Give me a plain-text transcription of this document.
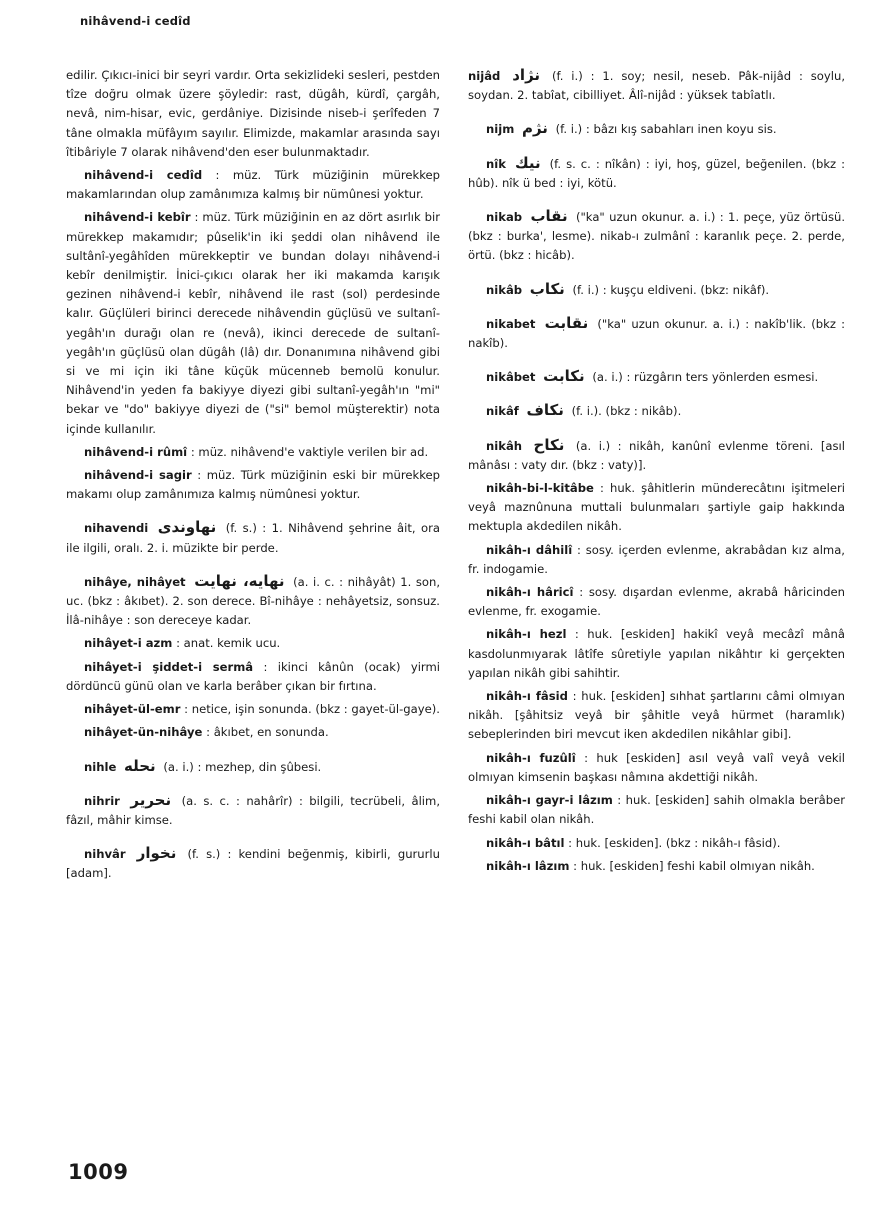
nihâvend-i cedîd

edilir. Çıkıcı-inici bir seyri vardır. Orta sekizlideki sesleri, pestden tîze doğru olmak üzere şöyledir: rast, dügâh, kürdî, çargâh, nevâ, nim-hisar, evic, gerdâniye. Dizisinde niseb-i şerîfeden 7 tâne olmakla müfâyım sayılır. Elimizde, makamlar arasında sayı îtibâriyle 7 olarak nihâvend'den eser bulunmaktadır.

nihâvend-i cedîd : müz. Türk müziğinin mürekkep makamlarından olup zamânımıza kalmış bir nümûnesi yoktur.

nihâvend-i kebîr : müz. Türk müziğinin en az dört asırlık bir mürekkep makamıdır; pûselik'in iki şeddi olan nihâvend ile sultânî-yegâhîden mürekkeptir ve bundan dolayı nihâvend-i kebîr denilmiştir. İnici-çıkıcı olarak her iki makamda karışık gezinen nihâvend-i kebîr, nihâvend ile rast (sol) perdesinde kalır. Güçlüleri birinci derecede nihâvendin güçlüsü ve sultanî-yegâh'ın durağı olan re (nevâ), ikinci derecede de sultanî-yegâh'ın güçlüsü olan dügâh (lâ) dır. Donanımına nihâvend gibi si ve mi için iki tâne küçük mücenneb bemolü konulur. Nihâvend'in yeden fa bakiyye diyezi gibi sultanî-yegâh'ın "mi" bekar ve "do" bakiyye diyezi de ("si" bemol müşterektir) nota içinde kullanılır.

nihâvend-i rûmî : müz. nihâvend'e vaktiyle verilen bir ad.

nihâvend-i sagir : müz. Türk müziğinin eski bir mürekkep makamı olup zamânımıza kalmış nümûnesi yoktur.

nihavendi نهاوندى (f. s.) : 1. Nihâvend şehrine âit, ora ile ilgili, oralı. 2. i. müzikte bir perde.

nihâye, nihâyet نهايه، نهايت (a. i. c. : nihâyât) 1. son, uc. (bkz : âkıbet). 2. son derece. Bî-nihâye : nehâyetsiz, sonsuz. İlâ-nihâye : son dereceye kadar.

nihâyet-i azm : anat. kemik ucu.

nihâyet-i şiddet-i sermâ : ikinci kânûn (ocak) yirmi dördüncü günü olan ve karla berâber çıkan bir fırtına.

nihâyet-ül-emr : netice, işin sonunda. (bkz : gayet-ül-gaye).

nihâyet-ün-nihâye : âkıbet, en sonunda.

nihle نحله (a. i.) : mezhep, din şûbesi.

nihrir نحرير (a. s. c. : nahârîr) : bilgili, tecrübeli, âlim, fâzıl, mâhir kimse.

nihvâr نخوار (f. s.) : kendini beğenmiş, kibirli, gururlu [adam].

nijâd نژاد (f. i.) : 1. soy; nesil, neseb. Pâk-nijâd : soylu, soydan. 2. tabîat, cibilliyet. Âlî-nijâd : yüksek tabîatlı.

nijm نژم (f. i.) : bâzı kış sabahları inen koyu sis.

nîk نيك (f. s. c. : nîkân) : iyi, hoş, güzel, beğenilen. (bkz : hûb). nîk ü bed : iyi, kötü.

nikab نقاب ("ka" uzun okunur. a. i.) : 1. peçe, yüz örtüsü. (bkz : burka', lesme). nikab-ı zulmânî : karanlık peçe. 2. perde, örtü. (bkz : hicâb).

nikâb نكاب (f. i.) : kuşçu eldiveni. (bkz: nikâf).

nikabet نقابت ("ka" uzun okunur. a. i.) : nakîb'lik. (bkz : nakîb).

nikâbet نكابت (a. i.) : rüzgârın ters yönlerden esmesi.

nikâf نكاف (f. i.). (bkz : nikâb).

nikâh نكاح (a. i.) : nikâh, kanûnî evlenme töreni. [asıl mânâsı : vaty dır. (bkz : vaty)].

nikâh-bi-l-kitâbe : huk. şâhitlerin münderecâtını işitmeleri veyâ maznûnuna muttali bulunmaları şartiyle gaip hakkında mektupla akdedilen nikâh.

nikâh-ı dâhilî : sosy. içerden evlenme, akrabâdan kız alma, fr. indogamie.

nikâh-ı hâricî : sosy. dışardan evlenme, akrabâ hâricinden evlenme, fr. exogamie.

nikâh-ı hezl : huk. [eskiden] hakikî veyâ mecâzî mânâ kasdolunmıyarak lâtîfe sûretiyle yapılan nikâhtır ki gerçekten yapılan nikâh gibi sahihtir.

nikâh-ı fâsid : huk. [eskiden] sıhhat şartlarını câmi olmıyan nikâh. [şâhitsiz veyâ bir şâhitle veyâ hürmet (haramlık) sebeplerinden biri mevcut iken akdedilen nikâhlar gibi].

nikâh-ı fuzûlî : huk [eskiden] asıl veyâ valî veyâ vekil olmıyan kimsenin başkası nâmına akdettiği nikâh.

nikâh-ı gayr-i lâzım : huk. [eskiden] sahih olmakla berâber feshi kabil olan nikâh.

nikâh-ı bâtıl : huk. [eskiden]. (bkz : nikâh-ı fâsid).

nikâh-ı lâzım : huk. [eskiden] feshi kabil olmıyan nikâh.

1009
